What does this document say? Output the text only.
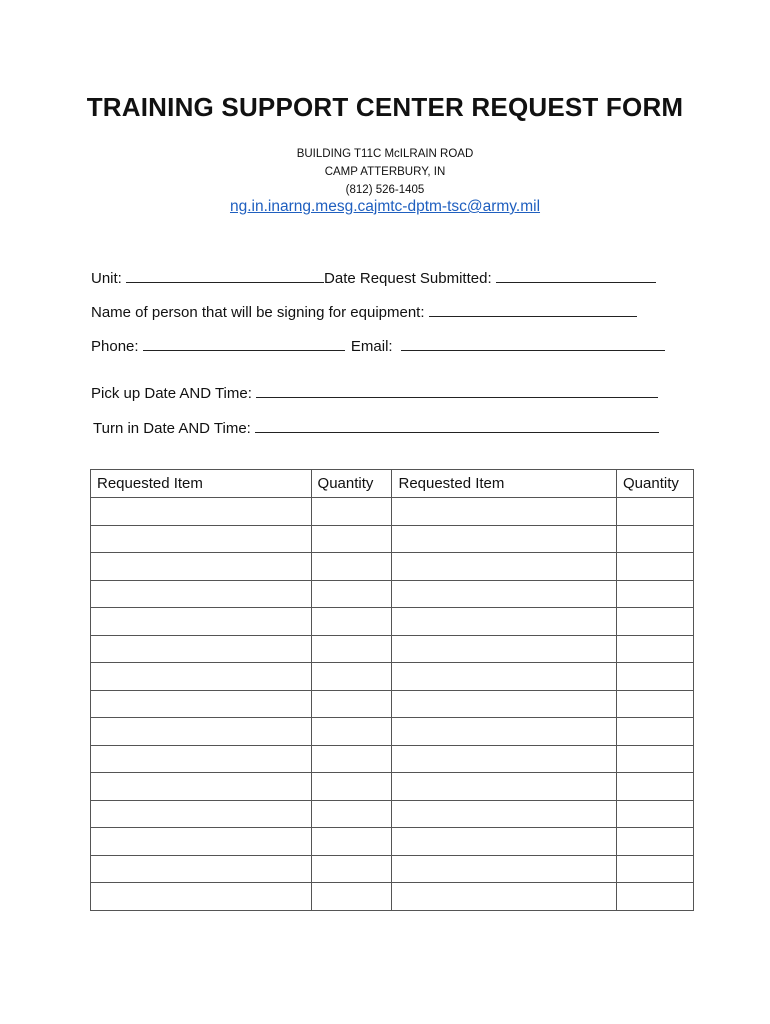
TRAINING SUPPORT CENTER REQUEST FORM
BUILDING T11C McILRAIN ROAD
CAMP ATTERBURY, IN
(812) 526-1405
ng.in.inarng.mesg.cajmtc-dptm-tsc@army.mil
Unit:	Date Request Submitted:
Name of person that will be signing for equipment:
Phone:	Email:
Pick up Date AND Time:
Turn in Date AND Time:
Requested Item	Quantity	Requested Item	Quantity
